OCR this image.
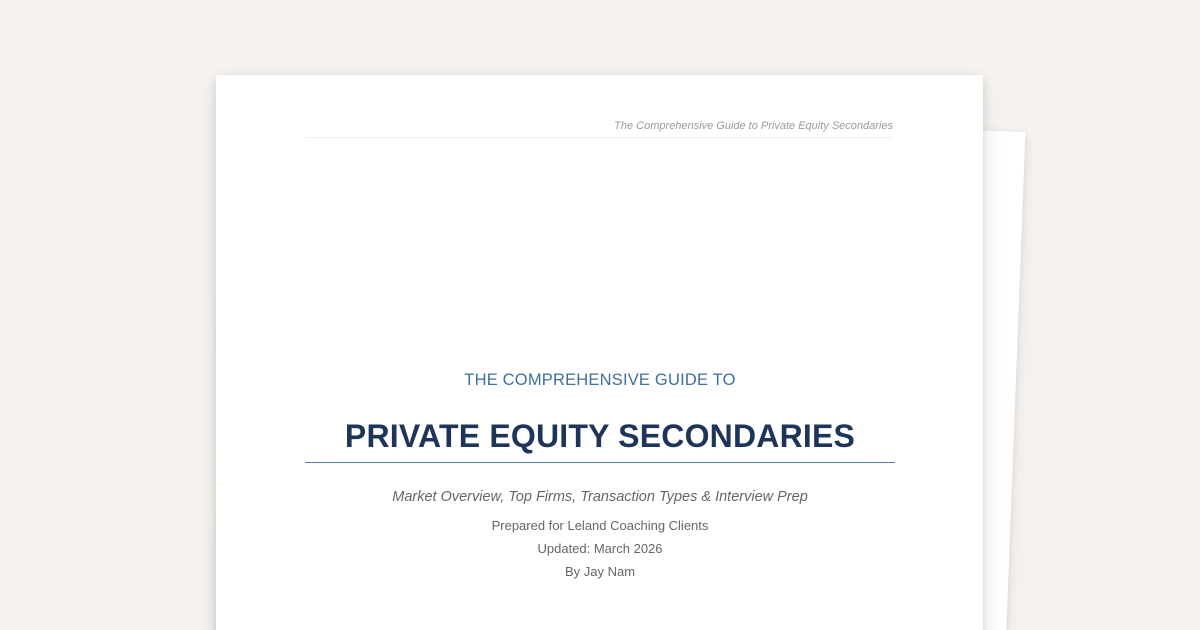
The Comprehensive Guide to Private Equity Secondaries
THE COMPREHENSIVE GUIDE TO
PRIVATE EQUITY SECONDARIES
Market Overview, Top Firms, Transaction Types & Interview Prep
Prepared for Leland Coaching Clients
Updated: March 2026
By Jay Nam
